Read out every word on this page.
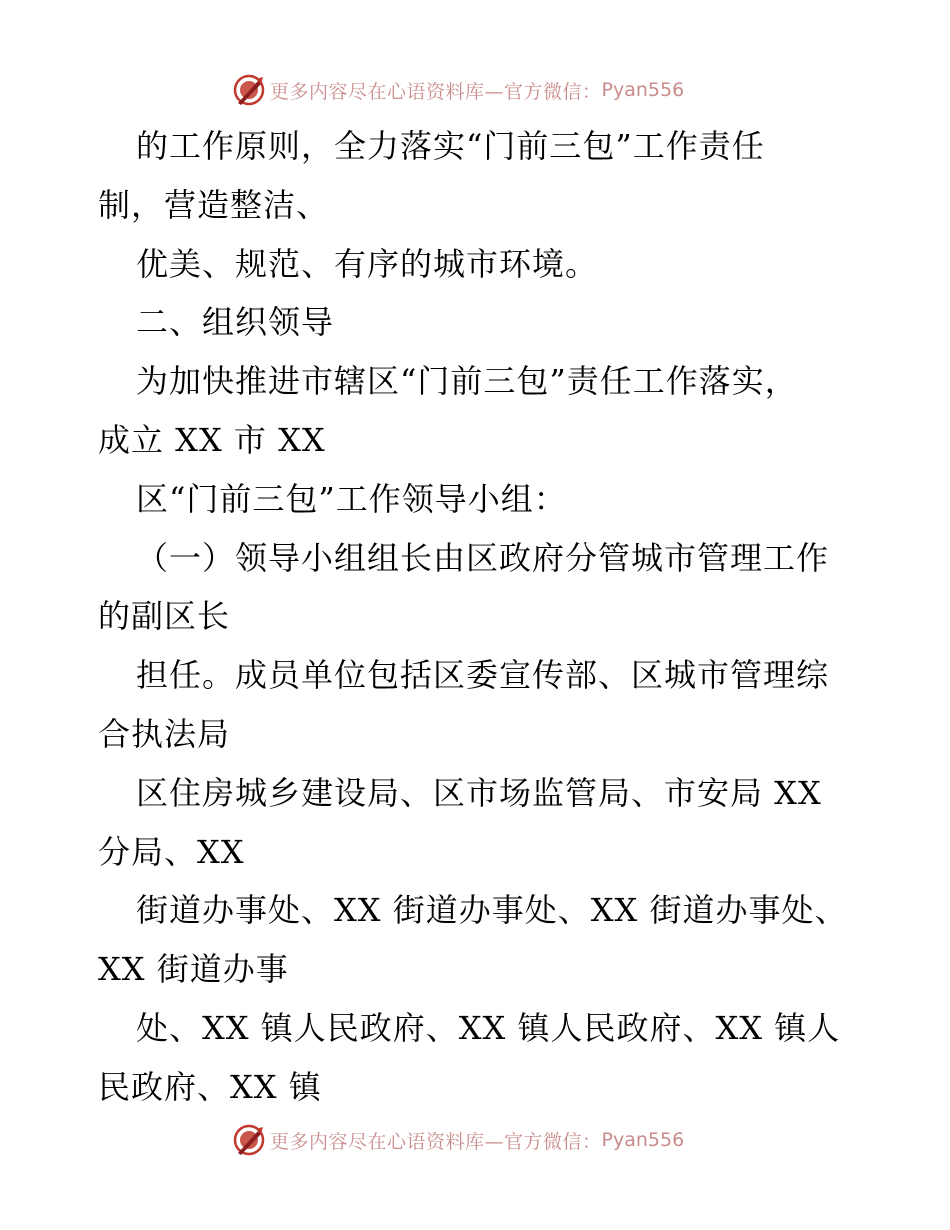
更多内容尽在心语资料库—官方微信： Pyan556
的工作原则，全力落实“门前三包”工作责任
制，营造整洁、
优美、规范、有序的城市环境。
二、组织领导
为加快推进市辖区“门前三包”责任工作落实，
成立 XX 市 XX
区“门前三包”工作领导小组：
（一）领导小组组长由区政府分管城市管理工作
的副区长
担任。成员单位包括区委宣传部、区城市管理综
合执法局
区住房城乡建设局、区市场监管局、市安局 XX
分局、XX
街道办事处、XX 街道办事处、XX 街道办事处、
XX 街道办事
处、XX 镇人民政府、XX 镇人民政府、XX 镇人
民政府、XX 镇
更多内容尽在心语资料库—官方微信： Pyan556
